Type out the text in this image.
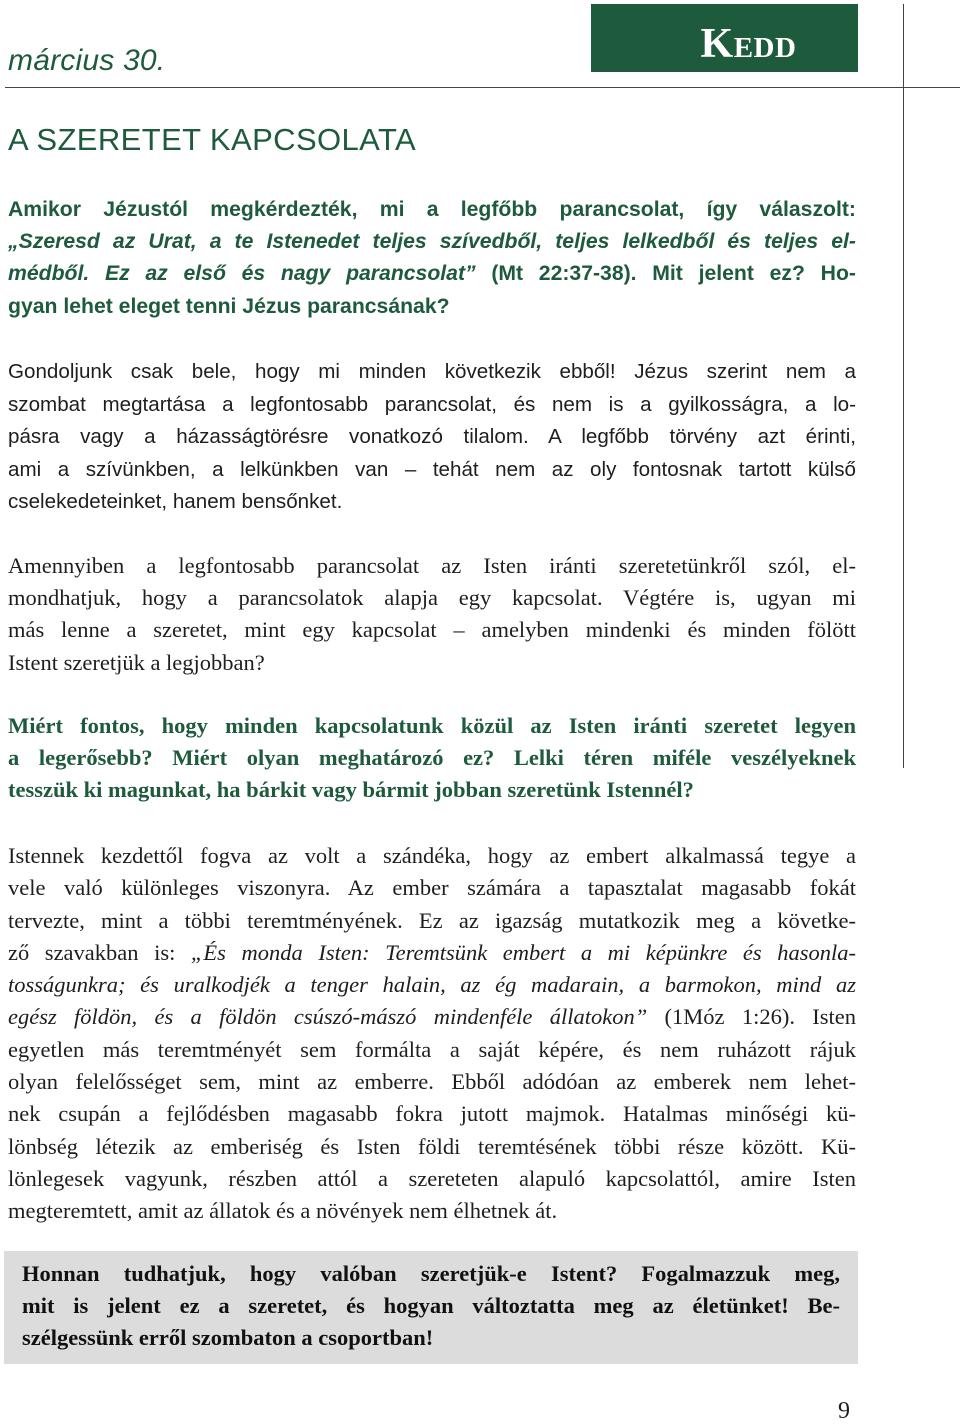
március 30.	Kedd
A SZERETET KAPCSOLATA
Amikor Jézustól megkérdezték, mi a legfőbb parancsolat, így válaszolt:
„Szeresd az Urat, a te Istenedet teljes szívedből, teljes lelkedből és teljes el-
médből. Ez az első és nagy parancsolat” (Mt 22:37-38). Mit jelent ez? Ho-
gyan lehet eleget tenni Jézus parancsának?
Gondoljunk csak bele, hogy mi minden következik ebből! Jézus szerint nem a
szombat megtartása a legfontosabb parancsolat, és nem is a gyilkosságra, a lo-
pásra vagy a házasságtörésre vonatkozó tilalom. A legfőbb törvény azt érinti,
ami a szívünkben, a lelkünkben van – tehát nem az oly fontosnak tartott külső
cselekedeteinket, hanem bensőnket.
Amennyiben a legfontosabb parancsolat az Isten iránti szeretetünkről szól, el-
mondhatjuk, hogy a parancsolatok alapja egy kapcsolat. Végtére is, ugyan mi
más lenne a szeretet, mint egy kapcsolat – amelyben mindenki és minden fölött
Istent szeretjük a legjobban?
Miért fontos, hogy minden kapcsolatunk közül az Isten iránti szeretet legyen
a legerősebb? Miért olyan meghatározó ez? Lelki téren miféle veszélyeknek
tesszük ki magunkat, ha bárkit vagy bármit jobban szeretünk Istennél?
Istennek kezdettől fogva az volt a szándéka, hogy az embert alkalmassá tegye a
vele való különleges viszonyra. Az ember számára a tapasztalat magasabb fokát
tervezte, mint a többi teremtményének. Ez az igazság mutatkozik meg a követke-
ző szavakban is: „És monda Isten: Teremtsünk embert a mi képünkre és hasonla-
tosságunkra; és uralkodjék a tenger halain, az ég madarain, a barmokon, mind az
egész földön, és a földön csúszó-mászó mindenféle állatokon” (1Móz 1:26). Isten
egyetlen más teremtményét sem formálta a saját képére, és nem ruházott rájuk
olyan felelősséget sem, mint az emberre. Ebből adódóan az emberek nem lehet-
nek csupán a fejlődésben magasabb fokra jutott majmok. Hatalmas minőségi kü-
lönbség létezik az emberiség és Isten földi teremtésének többi része között. Kü-
lönlegesek vagyunk, részben attól a szereteten alapuló kapcsolattól, amire Isten
megteremtett, amit az állatok és a növények nem élhetnek át.

Honnan tudhatjuk, hogy valóban szeretjük-e Istent? Fogalmazzuk meg,
mit is jelent ez a szeretet, és hogyan változtatta meg az életünket! Be-
szélgessünk erről szombaton a csoportban!

9
